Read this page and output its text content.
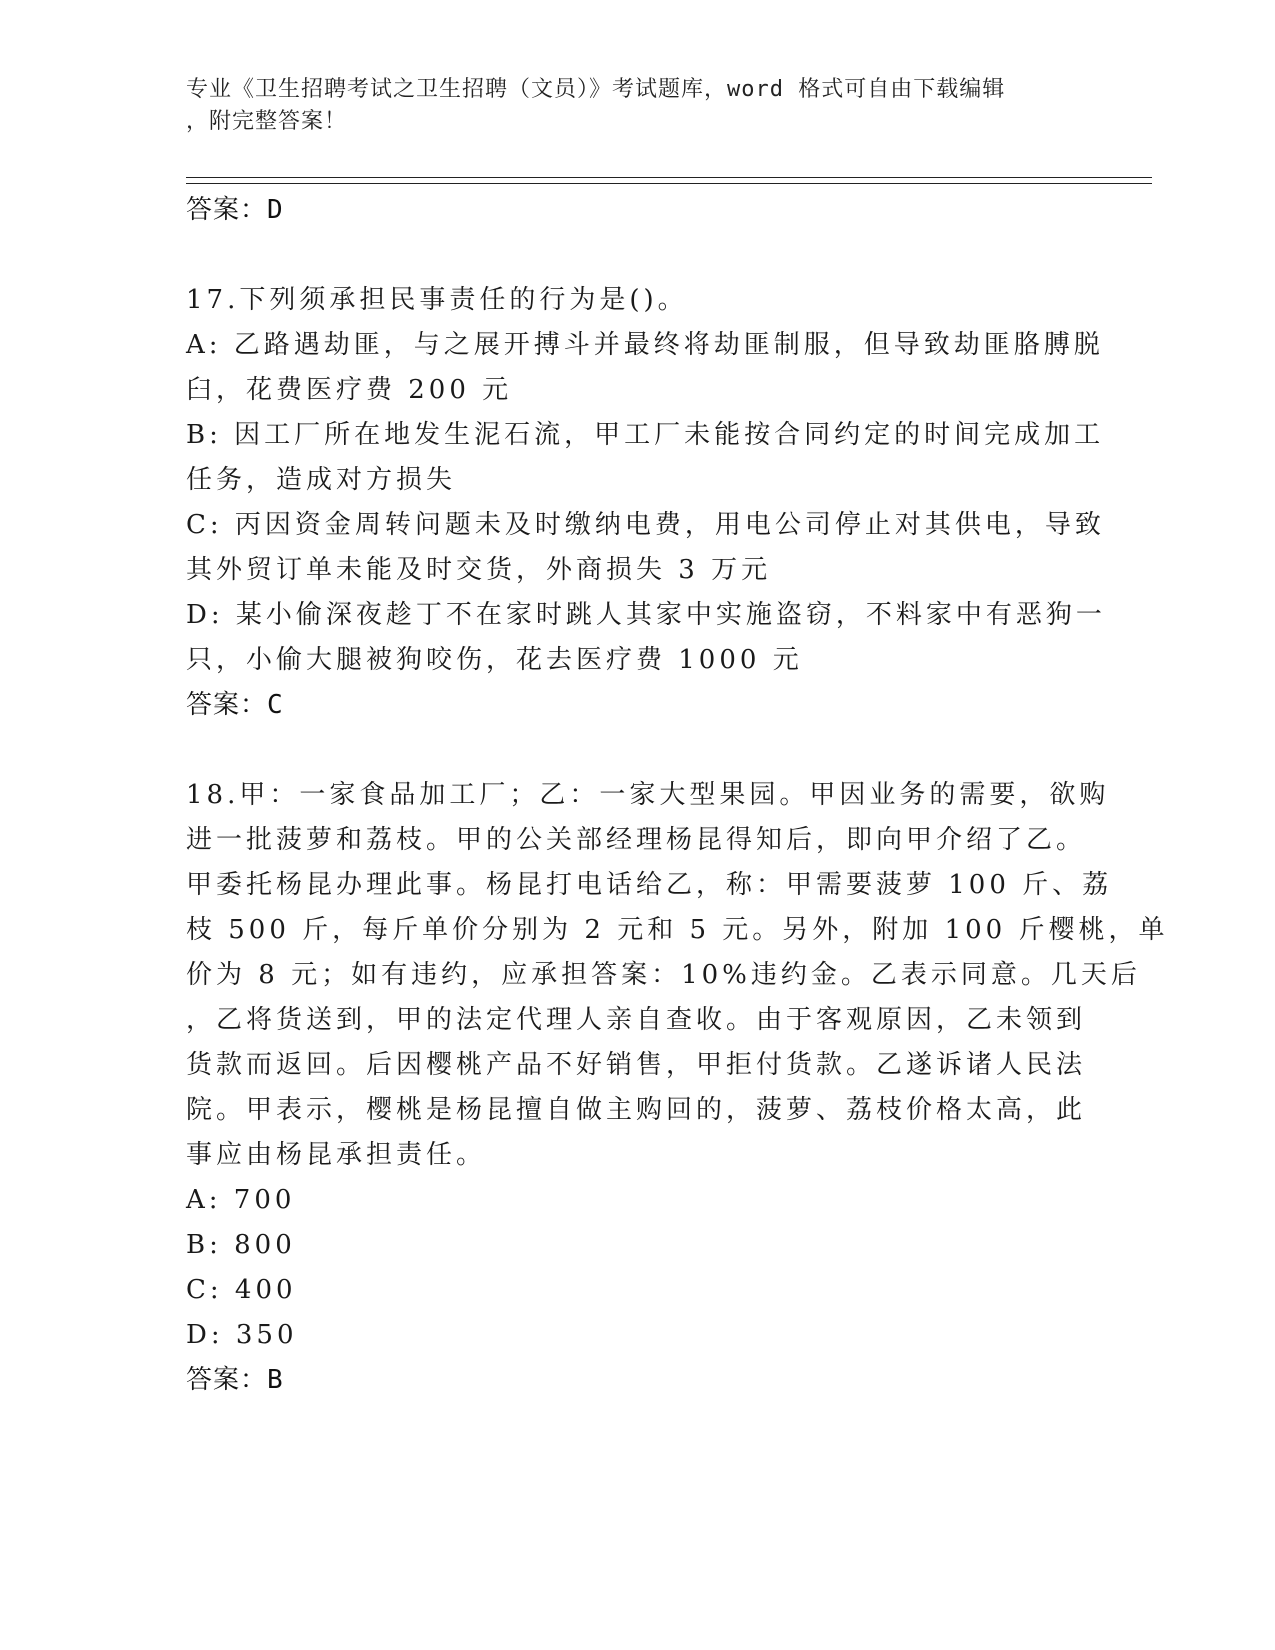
专业《卫生招聘考试之卫生招聘（文员）》考试题库，word 格式可自由下载编辑
，附完整答案！
答案：D
17.下列须承担民事责任的行为是()。
A: 乙路遇劫匪，与之展开搏斗并最终将劫匪制服，但导致劫匪胳膊脱
臼，花费医疗费 200 元
B: 因工厂所在地发生泥石流，甲工厂未能按合同约定的时间完成加工
任务，造成对方损失
C: 丙因资金周转问题未及时缴纳电费，用电公司停止对其供电，导致
其外贸订单未能及时交货，外商损失 3 万元
D: 某小偷深夜趁丁不在家时跳人其家中实施盗窃，不料家中有恶狗一
只，小偷大腿被狗咬伤，花去医疗费 1000 元
答案：C
18.甲：一家食品加工厂；乙：一家大型果园。甲因业务的需要，欲购
进一批菠萝和荔枝。甲的公关部经理杨昆得知后，即向甲介绍了乙。
甲委托杨昆办理此事。杨昆打电话给乙，称：甲需要菠萝 100 斤、荔
枝 500 斤，每斤单价分别为 2 元和 5 元。另外，附加 100 斤樱桃，单
价为 8 元；如有违约，应承担答案：10%违约金。乙表示同意。几天后
，乙将货送到，甲的法定代理人亲自查收。由于客观原因，乙未领到
货款而返回。后因樱桃产品不好销售，甲拒付货款。乙遂诉诸人民法
院。甲表示，樱桃是杨昆擅自做主购回的，菠萝、荔枝价格太高，此
事应由杨昆承担责任。
A: 700
B: 800
C: 400
D: 350
答案：B
